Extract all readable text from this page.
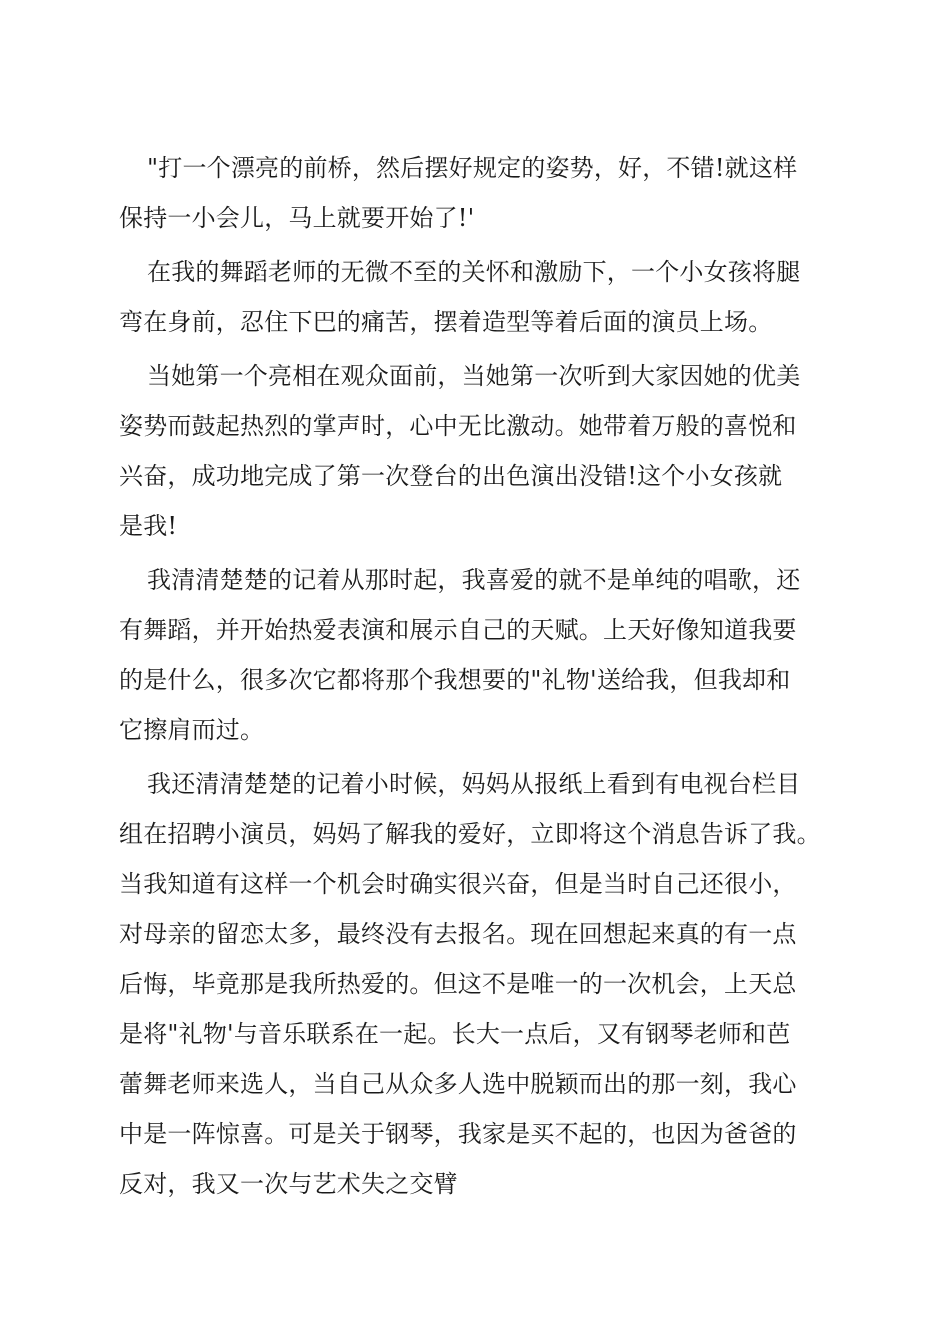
"打一个漂亮的前桥，然后摆好规定的姿势，好，不错!就这样
保持一小会儿，马上就要开始了!'
在我的舞蹈老师的无微不至的关怀和激励下，一个小女孩将腿
弯在身前，忍住下巴的痛苦，摆着造型等着后面的演员上场。
当她第一个亮相在观众面前，当她第一次听到大家因她的优美
姿势而鼓起热烈的掌声时，心中无比激动。她带着万般的喜悦和
兴奋，成功地完成了第一次登台的出色演出没错!这个小女孩就
是我!
我清清楚楚的记着从那时起，我喜爱的就不是单纯的唱歌，还
有舞蹈，并开始热爱表演和展示自己的天赋。上天好像知道我要
的是什么，很多次它都将那个我想要的"礼物'送给我，但我却和
它擦肩而过。
我还清清楚楚的记着小时候，妈妈从报纸上看到有电视台栏目
组在招聘小演员，妈妈了解我的爱好，立即将这个消息告诉了我。
当我知道有这样一个机会时确实很兴奋，但是当时自己还很小，
对母亲的留恋太多，最终没有去报名。现在回想起来真的有一点
后悔，毕竟那是我所热爱的。但这不是唯一的一次机会，上天总
是将"礼物'与音乐联系在一起。长大一点后，又有钢琴老师和芭
蕾舞老师来选人，当自己从众多人选中脱颖而出的那一刻，我心
中是一阵惊喜。可是关于钢琴，我家是买不起的，也因为爸爸的
反对，我又一次与艺术失之交臂
